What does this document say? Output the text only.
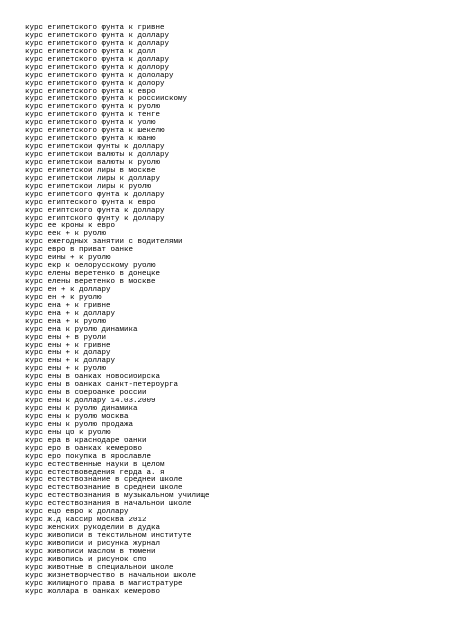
курс египетского фунта к гривне
курс египетского фунта к доллару
курс египетского фунта к доллару
курс египетского фунта к долл
курс египетского фунта к доллару
курс египетского фунта к доллору
курс египетского фунта к дололару
курс египетского фунта к долору
курс египетского фунта к евро
курс египетского фунта к российскому
курс египетского фунта к рублю
курс египетского фунта к тенге
курс египетского фунта к ублю
курс египетского фунта к шекелю
курс египетского фунта к юаню
курс египетской фунты к доллару
курс египетской валюты к доллару
курс египетской валюты к рублю
курс египетской лиры в москве
курс египетской лиры к доллару
курс египетской лиры к рублю
курс египетсого фунта к доллару
курс египтеского фунта к евро
курс египтского фунта к доллару
курс египтского фунту к доллару
курс ее кроны к евро
курс еек + к рублю
курс ежегодных занятий с водителями
курс евро в приват банке
курс ейны + к рублю
курс екр к белорусскому рублю
курс елены веретенко в донецке
курс елены веретенко в москве
курс ен + к доллару
курс ен + к рублю
курс ена + к гривне
курс ена + к доллару
курс ена + к рублю
курс ена к рублю динамика
курс ены + в рубли
курс ены + к гривне
курс ены + к долару
курс ены + к доллару
курс ены + к рублю
курс ены в банках новосибирска
курс ены в банках санкт-петербурга
курс ены в сбербанке россии
курс ены к доллару 14.03.2009
курс ены к рублю динамика
курс ены к рублю москва
курс ены к рублю продажа
курс ены цб к рублю
курс ера в краснодаре банки
курс еро в банках кемерово
курс еро покупка в ярославле
курс естественные науки в целом
курс естествоведения герда а. я
курс естествознание в средней школе
курс естествознание в средней школе
курс естествознания в музыкальном училище
курс естествознания в начальной школе
курс ецб евро к доллару
курс ж.д кассир москва 2012
курс женских рукоделий в дудка
курс живописи в текстильном институте
курс живописи и рисунка журнал
курс живописи маслом в тюмени
курс живопись и рисунок спб
курс животные в специальной школе
курс жизнетворчество в начальной школе
курс жилищного права в магистратуре
курс жоллара в банках кемерово
